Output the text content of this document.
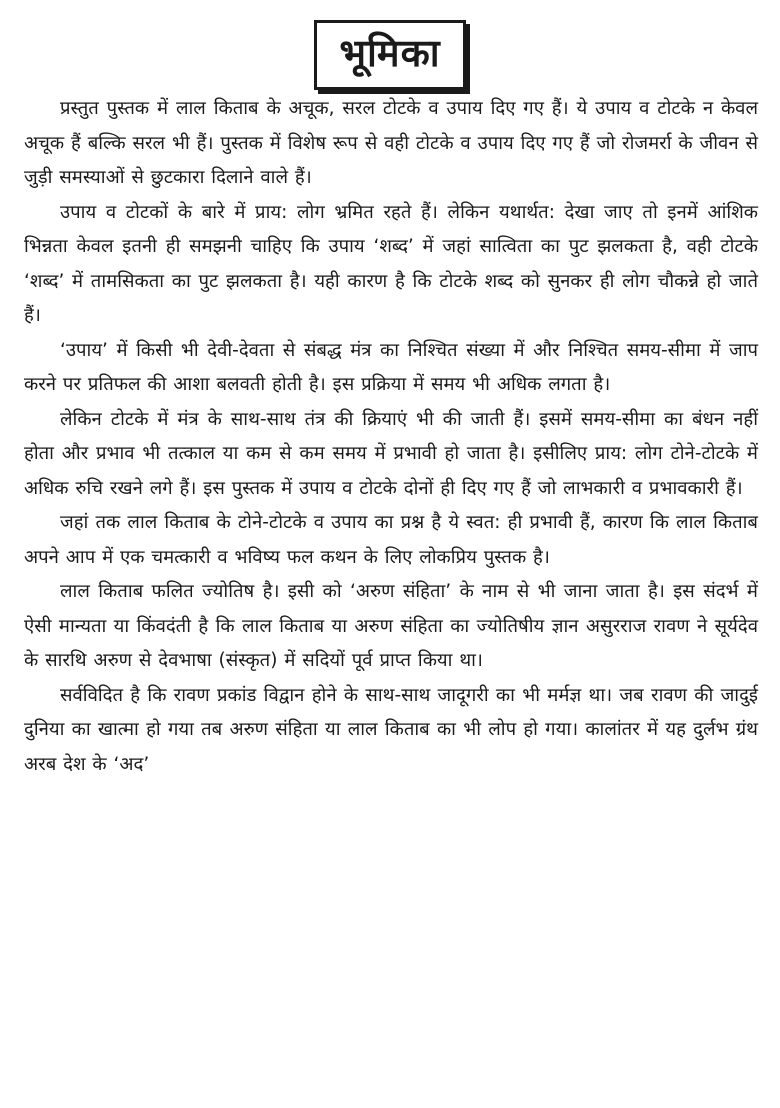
भूमिका

प्रस्तुत पुस्तक में लाल किताब के अचूक, सरल टोटके व उपाय दिए गए हैं। ये उपाय व टोटके न केवल अचूक हैं बल्कि सरल भी हैं। पुस्तक में विशेष रूप से वही टोटके व उपाय दिए गए हैं जो रोजमर्रा के जीवन से जुड़ी समस्याओं से छुटकारा दिलाने वाले हैं।

उपाय व टोटकों के बारे में प्राय: लोग भ्रमित रहते हैं। लेकिन यथार्थत: देखा जाए तो इनमें आंशिक भिन्नता केवल इतनी ही समझनी चाहिए कि उपाय ‘शब्द’ में जहां सात्विता का पुट झलकता है, वही टोटके ‘शब्द’ में तामसिकता का पुट झलकता है। यही कारण है कि टोटके शब्द को सुनकर ही लोग चौकन्ने हो जाते हैं।

‘उपाय’ में किसी भी देवी-देवता से संबद्ध मंत्र का निश्चित संख्या में और निश्चित समय-सीमा में जाप करने पर प्रतिफल की आशा बलवती होती है। इस प्रक्रिया में समय भी अधिक लगता है।

लेकिन टोटके में मंत्र के साथ-साथ तंत्र की क्रियाएं भी की जाती हैं। इसमें समय-सीमा का बंधन नहीं होता और प्रभाव भी तत्काल या कम से कम समय में प्रभावी हो जाता है। इसीलिए प्राय: लोग टोने-टोटके में अधिक रुचि रखने लगे हैं। इस पुस्तक में उपाय व टोटके दोनों ही दिए गए हैं जो लाभकारी व प्रभावकारी हैं।

जहां तक लाल किताब के टोने-टोटके व उपाय का प्रश्न है ये स्वत: ही प्रभावी हैं, कारण कि लाल किताब अपने आप में एक चमत्कारी व भविष्य फल कथन के लिए लोकप्रिय पुस्तक है।

लाल किताब फलित ज्योतिष है। इसी को ‘अरुण संहिता’ के नाम से भी जाना जाता है। इस संदर्भ में ऐसी मान्यता या किंवदंती है कि लाल किताब या अरुण संहिता का ज्योतिषीय ज्ञान असुरराज रावण ने सूर्यदेव के सारथि अरुण से देवभाषा (संस्कृत) में सदियों पूर्व प्राप्त किया था।

सर्वविदित है कि रावण प्रकांड विद्वान होने के साथ-साथ जादूगरी का भी मर्मज्ञ था। जब रावण की जादुई दुनिया का खात्मा हो गया तब अरुण संहिता या लाल किताब का भी लोप हो गया। कालांतर में यह दुर्लभ ग्रंथ अरब देश के ‘अद’
